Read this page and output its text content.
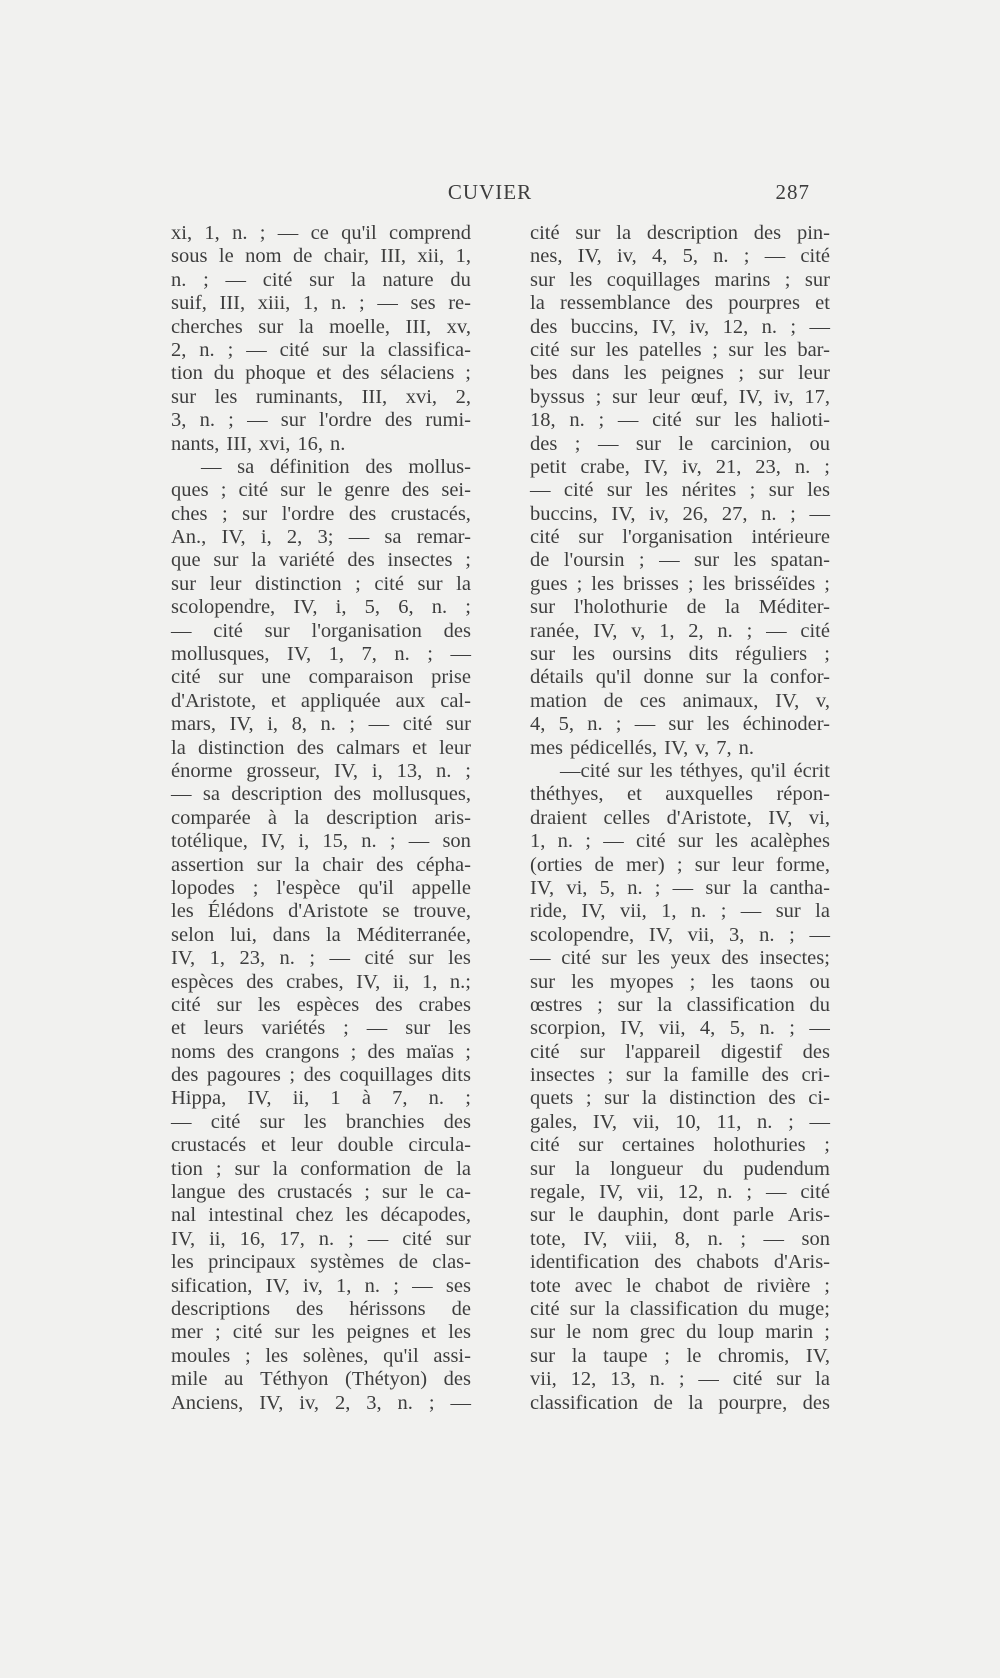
CUVIER	287
xi, 1, n. ; — ce qu'il comprend
sous le nom de chair, III, xii, 1,
n. ; — cité sur la nature du
suif, III, xiii, 1, n. ; — ses re-
cherches sur la moelle, III, xv,
2, n. ; — cité sur la classifica-
tion du phoque et des sélaciens ;
sur les ruminants, III, xvi, 2,
3, n. ; — sur l'ordre des rumi-
nants, III, xvi, 16, n.
— sa définition des mollus-
ques ; cité sur le genre des sei-
ches ; sur l'ordre des crustacés,
An., IV, i, 2, 3; — sa remar-
que sur la variété des insectes ;
sur leur distinction ; cité sur la
scolopendre, IV, i, 5, 6, n. ;
— cité sur l'organisation des
mollusques, IV, 1, 7, n. ; —
cité sur une comparaison prise
d'Aristote, et appliquée aux cal-
mars, IV, i, 8, n. ; — cité sur
la distinction des calmars et leur
énorme grosseur, IV, i, 13, n. ;
— sa description des mollusques,
comparée à la description aris-
totélique, IV, i, 15, n. ; — son
assertion sur la chair des cépha-
lopodes ; l'espèce qu'il appelle
les Élédons d'Aristote se trouve,
selon lui, dans la Méditerranée,
IV, 1, 23, n. ; — cité sur les
espèces des crabes, IV, ii, 1, n.;
cité sur les espèces des crabes
et leurs variétés ; — sur les
noms des crangons ; des maïas ;
des pagoures ; des coquillages dits
Hippa, IV, ii, 1 à 7, n. ;
— cité sur les branchies des
crustacés et leur double circula-
tion ; sur la conformation de la
langue des crustacés ; sur le ca-
nal intestinal chez les décapodes,
IV, ii, 16, 17, n. ; — cité sur
les principaux systèmes de clas-
sification, IV, iv, 1, n. ; — ses
descriptions des hérissons de
mer ; cité sur les peignes et les
moules ; les solènes, qu'il assi-
mile au Téthyon (Thétyon) des
Anciens, IV, iv, 2, 3, n. ; —
cité sur la description des pin-
nes, IV, iv, 4, 5, n. ; — cité
sur les coquillages marins ; sur
la ressemblance des pourpres et
des buccins, IV, iv, 12, n. ; —
cité sur les patelles ; sur les bar-
bes dans les peignes ; sur leur
byssus ; sur leur œuf, IV, iv, 17,
18, n. ; — cité sur les halioti-
des ; — sur le carcinion, ou
petit crabe, IV, iv, 21, 23, n. ;
— cité sur les nérites ; sur les
buccins, IV, iv, 26, 27, n. ; —
cité sur l'organisation intérieure
de l'oursin ; — sur les spatan-
gues ; les brisses ; les brisséïdes ;
sur l'holothurie de la Méditer-
ranée, IV, v, 1, 2, n. ; — cité
sur les oursins dits réguliers ;
détails qu'il donne sur la confor-
mation de ces animaux, IV, v,
4, 5, n. ; — sur les échinoder-
mes pédicellés, IV, v, 7, n.
—cité sur les téthyes, qu'il écrit
théthyes, et auxquelles répon-
draient celles d'Aristote, IV, vi,
1, n. ; — cité sur les acalèphes
(orties de mer) ; sur leur forme,
IV, vi, 5, n. ; — sur la cantha-
ride, IV, vii, 1, n. ; — sur la
scolopendre, IV, vii, 3, n. ; —
— cité sur les yeux des insectes;
sur les myopes ; les taons ou
œstres ; sur la classification du
scorpion, IV, vii, 4, 5, n. ; —
cité sur l'appareil digestif des
insectes ; sur la famille des cri-
quets ; sur la distinction des ci-
gales, IV, vii, 10, 11, n. ; —
cité sur certaines holothuries ;
sur la longueur du pudendum
regale, IV, vii, 12, n. ; — cité
sur le dauphin, dont parle Aris-
tote, IV, viii, 8, n. ; — son
identification des chabots d'Aris-
tote avec le chabot de rivière ;
cité sur la classification du muge;
sur le nom grec du loup marin ;
sur la taupe ; le chromis, IV,
vii, 12, 13, n. ; — cité sur la
classification de la pourpre, des
